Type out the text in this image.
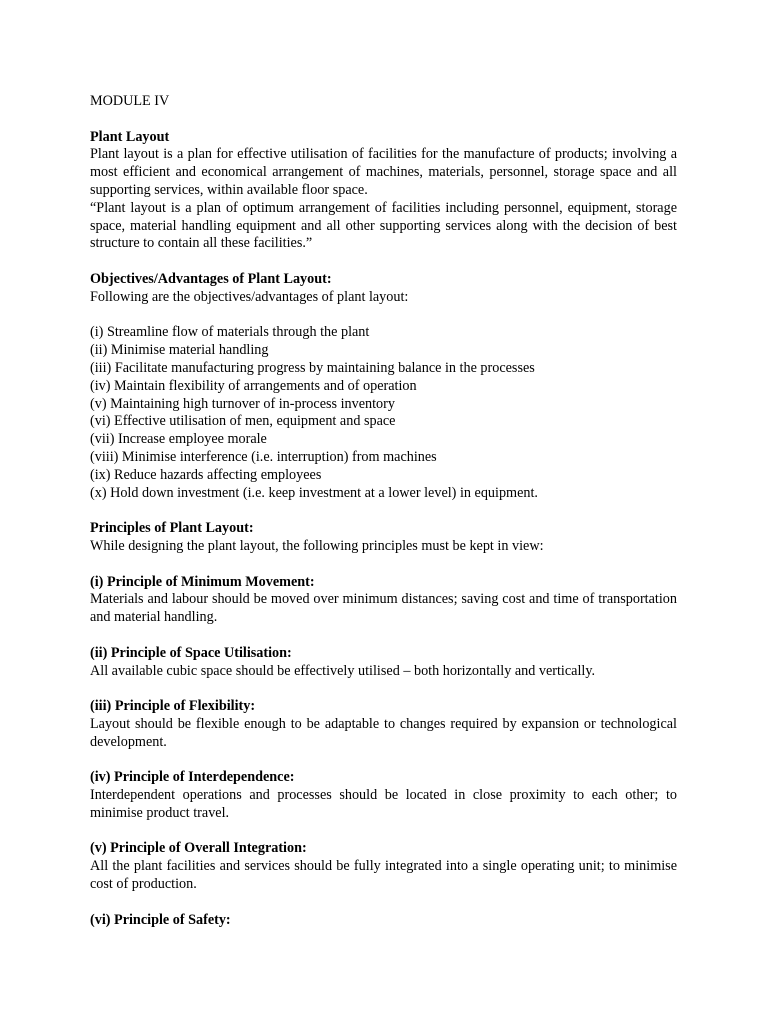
MODULE IV

Plant Layout

Plant layout is a plan for effective utilisation of facilities for the manufacture of products; involving a most efficient and economical arrangement of machines, materials, personnel, storage space and all supporting services, within available floor space.

“Plant layout is a plan of optimum arrangement of facilities including personnel, equipment, storage space, material handling equipment and all other supporting services along with the decision of best structure to contain all these facilities.”

Objectives/Advantages of Plant Layout:

Following are the objectives/advantages of plant layout:

(i) Streamline flow of materials through the plant

(ii) Minimise material handling

(iii) Facilitate manufacturing progress by maintaining balance in the processes

(iv) Maintain flexibility of arrangements and of operation

(v) Maintaining high turnover of in-process inventory

(vi) Effective utilisation of men, equipment and space

(vii) Increase employee morale

(viii) Minimise interference (i.e. interruption) from machines

(ix) Reduce hazards affecting employees

(x) Hold down investment (i.e. keep investment at a lower level) in equipment.

Principles of Plant Layout:

While designing the plant layout, the following principles must be kept in view:

(i) Principle of Minimum Movement:

Materials and labour should be moved over minimum distances; saving cost and time of transportation and material handling.

(ii) Principle of Space Utilisation:

All available cubic space should be effectively utilised – both horizontally and vertically.

(iii) Principle of Flexibility:

Layout should be flexible enough to be adaptable to changes required by expansion or technological development.

(iv) Principle of Interdependence:

Interdependent operations and processes should be located in close proximity to each other; to minimise product travel.

(v) Principle of Overall Integration:

All the plant facilities and services should be fully integrated into a single operating unit; to minimise cost of production.

(vi) Principle of Safety:
